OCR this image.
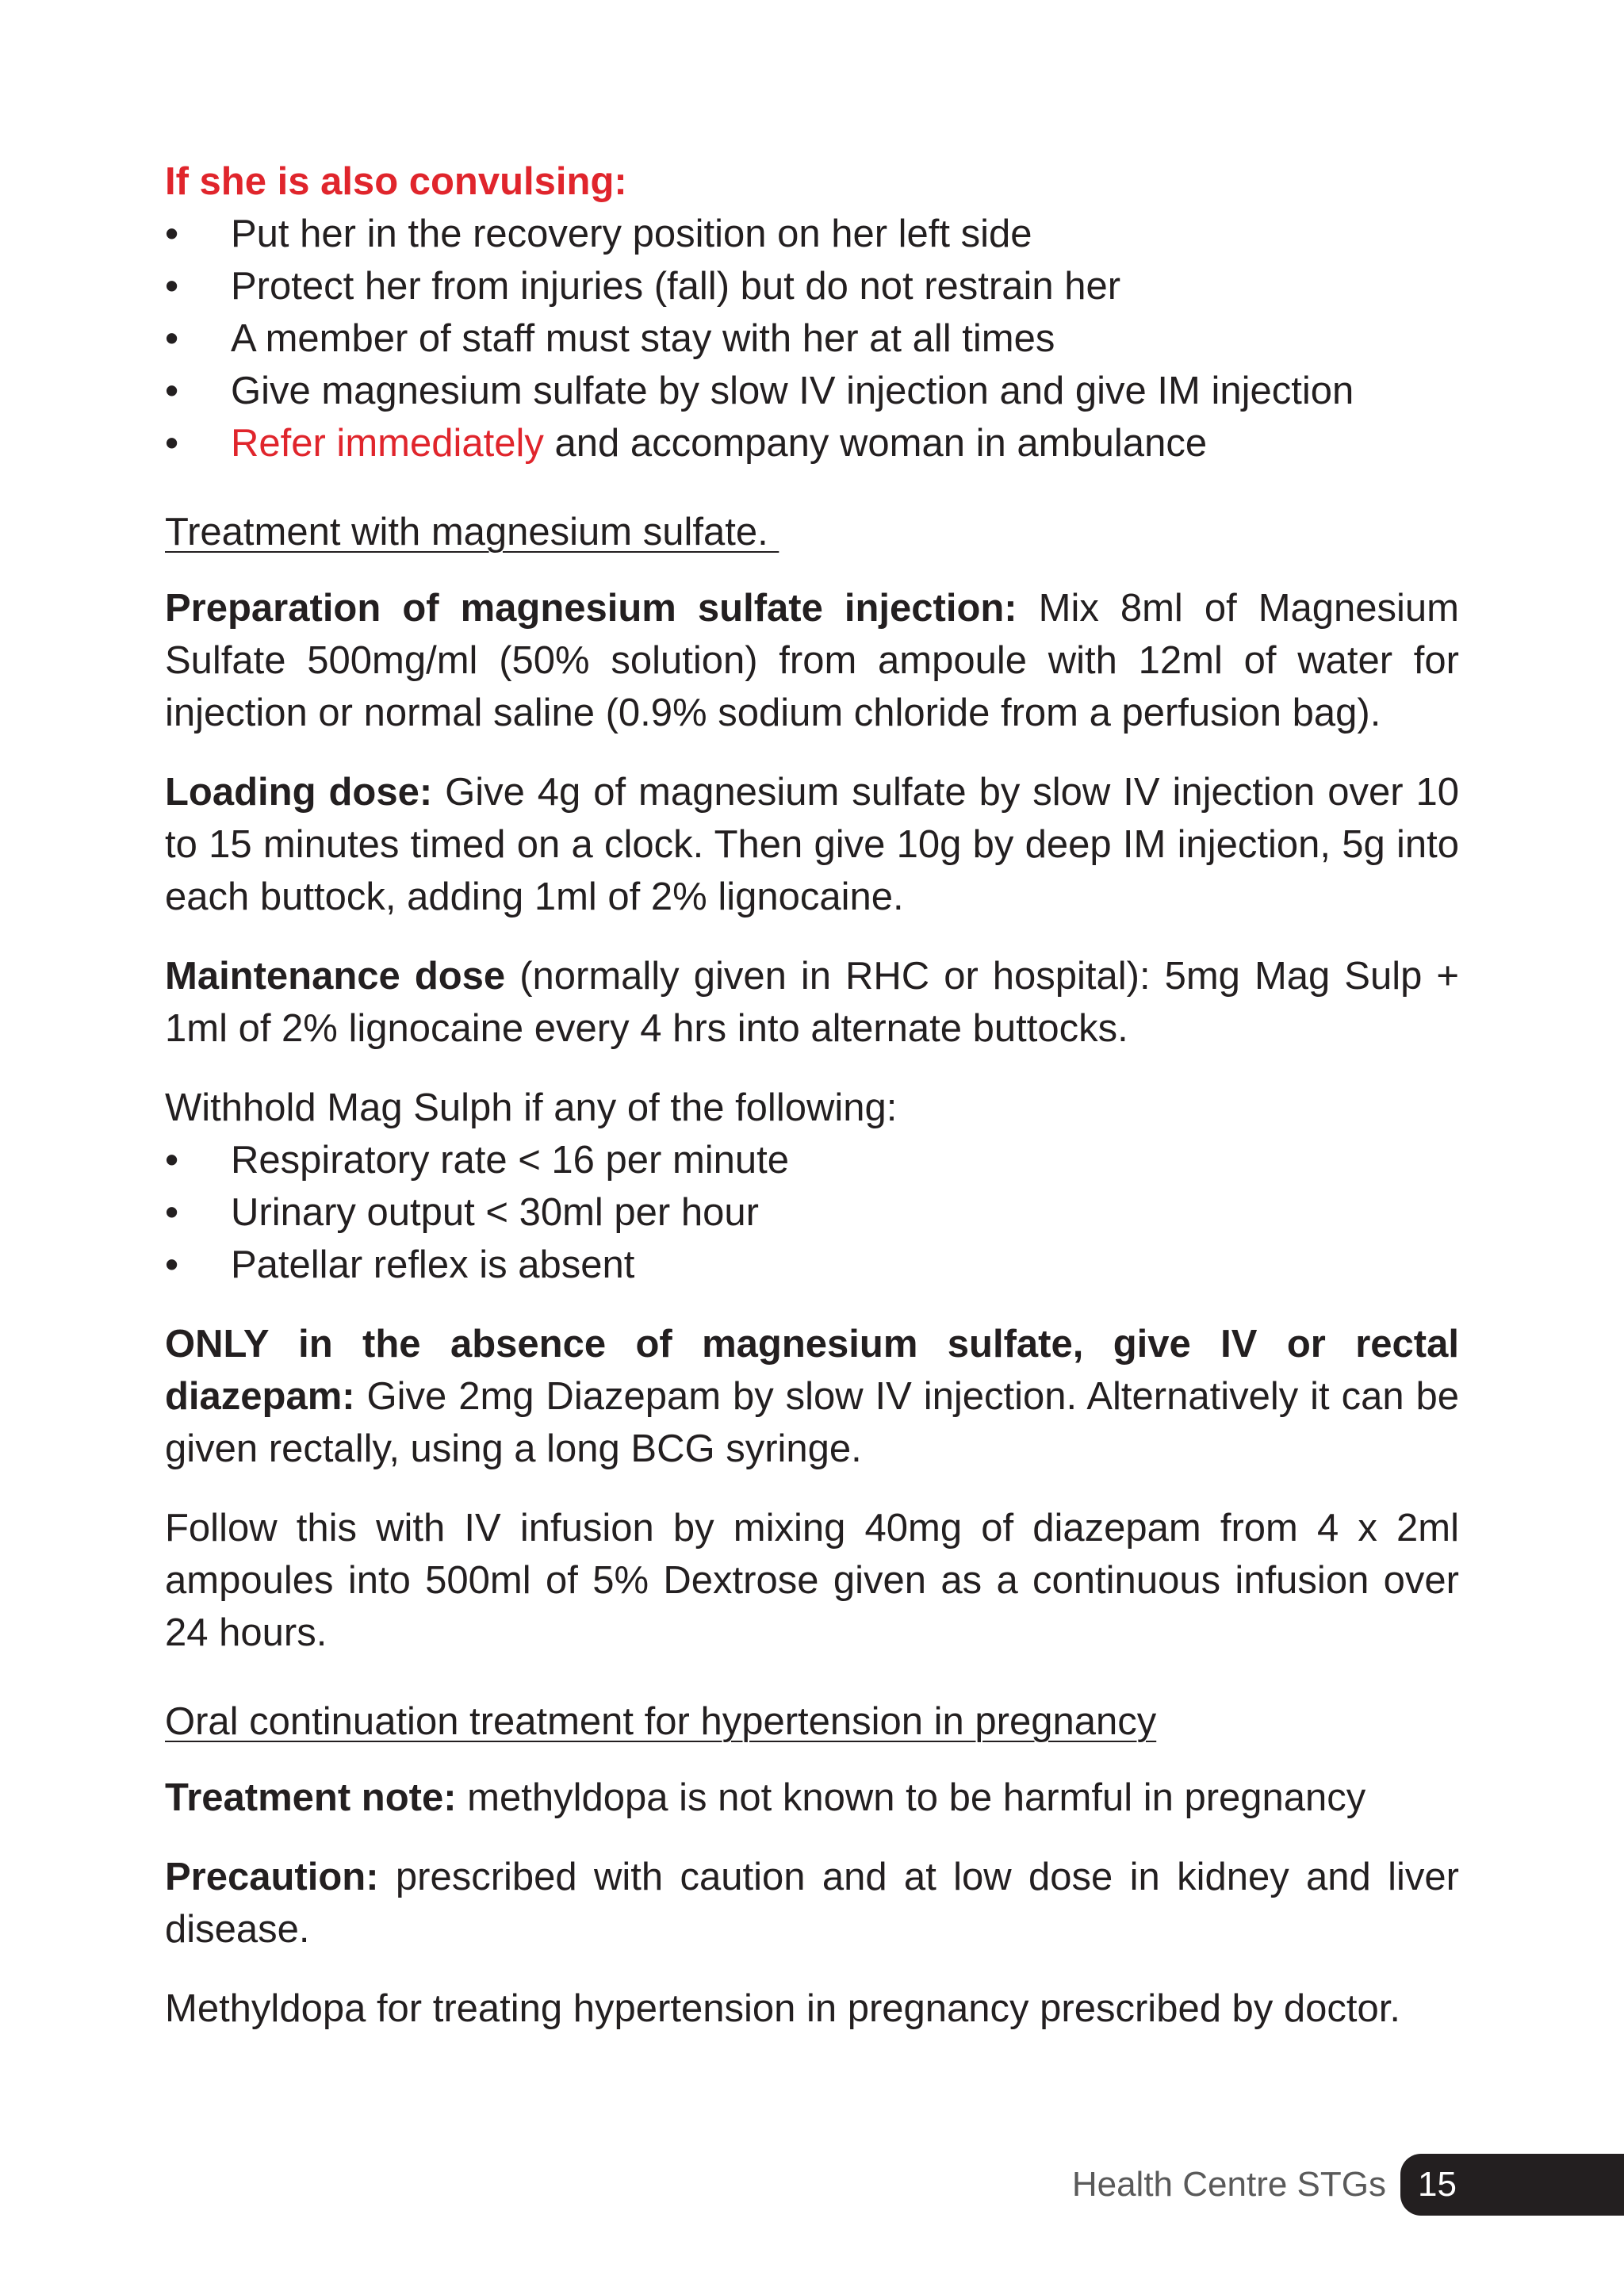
If she is also convulsing:
• Put her in the recovery position on her left side
• Protect her from injuries (fall) but do not restrain her
• A member of staff must stay with her at all times
• Give magnesium sulfate by slow IV injection and give IM injection
• Refer immediately and accompany woman in ambulance
Treatment with magnesium sulfate.

Preparation of magnesium sulfate injection: Mix 8ml of Magnesium Sulfate 500mg/ml (50% solution) from ampoule with 12ml of water for injection or normal saline (0.9% sodium chloride from a perfusion bag).

Loading dose: Give 4g of magnesium sulfate by slow IV injection over 10 to 15 minutes timed on a clock. Then give 10g by deep IM injection, 5g into each buttock, adding 1ml of 2% lignocaine.

Maintenance dose (normally given in RHC or hospital): 5mg Mag Sulp + 1ml of 2% lignocaine every 4 hrs into alternate buttocks.

Withhold Mag Sulph if any of the following:
• Respiratory rate < 16 per minute
• Urinary output < 30ml per hour
• Patellar reflex is absent

ONLY in the absence of magnesium sulfate, give IV or rectal diazepam: Give 2mg Diazepam by slow IV injection. Alternatively it can be given rectally, using a long BCG syringe.

Follow this with IV infusion by mixing 40mg of diazepam from 4 x 2ml ampoules into 500ml of 5% Dextrose given as a continuous infusion over 24 hours.

Oral continuation treatment for hypertension in pregnancy

Treatment note: methyldopa is not known to be harmful in pregnancy

Precaution: prescribed with caution and at low dose in kidney and liver disease.

Methyldopa for treating hypertension in pregnancy prescribed by doctor.

Health Centre STGs 15
